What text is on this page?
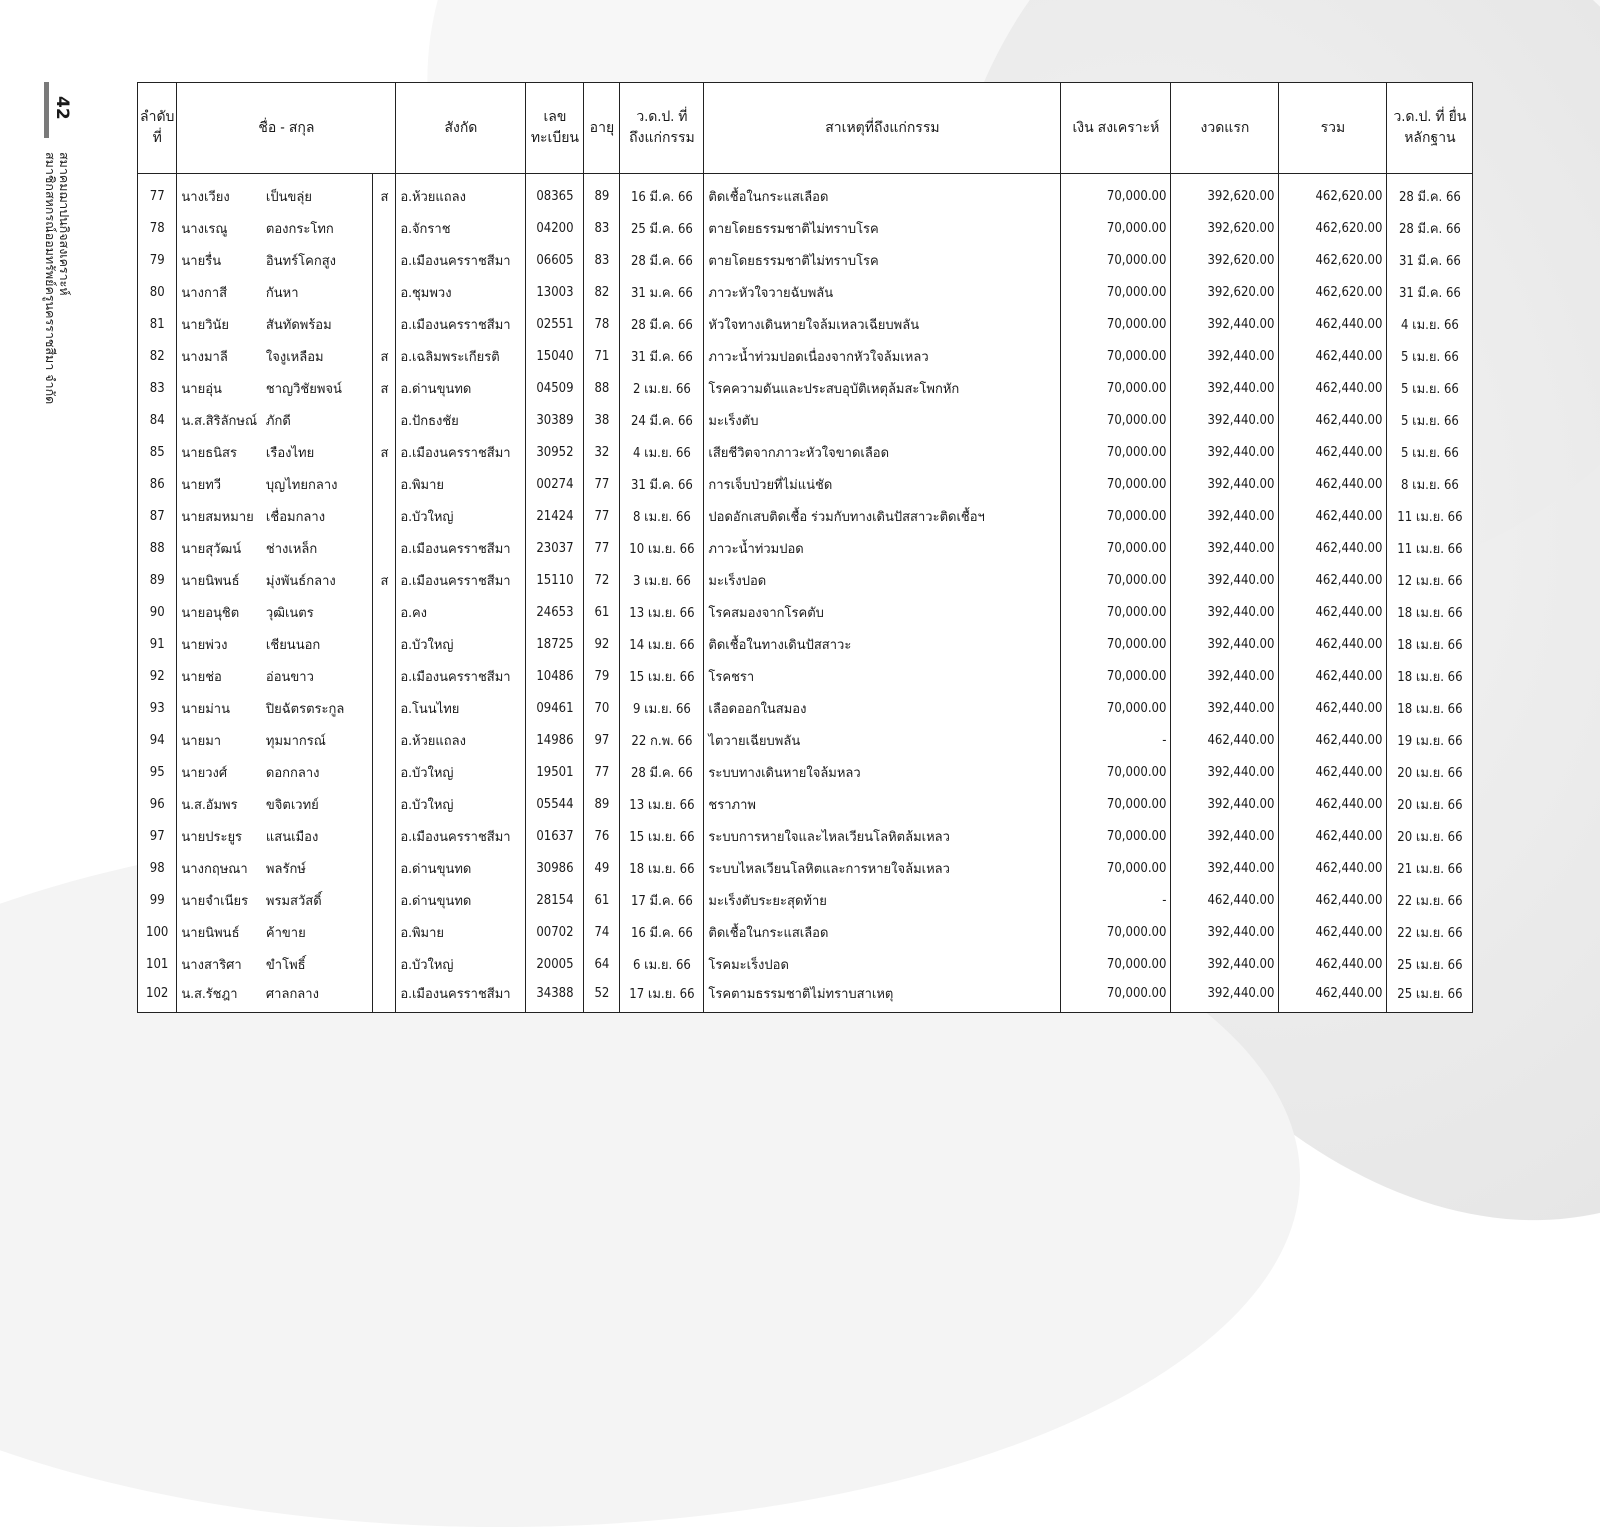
42
สมาคมฌาปนกิจสงเคราะห์
สมาชิกสหกรณ์ออมทรัพย์ครูนครราชสีมา จำกัด
ลำดับ ที่	ชื่อ - สกุล			สังกัด	เลข ทะเบียน	อายุ	ว.ด.ป. ที่ ถึงแก่กรรม	สาเหตุที่ถึงแก่กรรม	เงิน สงเคราะห์	งวดแรก	รวม	ว.ด.ป. ที่ ยื่นหลักฐาน

77	นางเวียง	เป็นขลุ่ย	ส	อ.ห้วยแถลง	08365	89	16 มี.ค. 66	ติดเชื้อในกระแสเลือด	70,000.00	392,620.00	462,620.00	28 มี.ค. 66
78	นางเรณู	ตองกระโทก		อ.จักราช	04200	83	25 มี.ค. 66	ตายโดยธรรมชาติไม่ทราบโรค	70,000.00	392,620.00	462,620.00	28 มี.ค. 66
79	นายรื่น	อินทร์โคกสูง		อ.เมืองนครราชสีมา	06605	83	28 มี.ค. 66	ตายโดยธรรมชาติไม่ทราบโรค	70,000.00	392,620.00	462,620.00	31 มี.ค. 66
80	นางกาสี	กันหา		อ.ชุมพวง	13003	82	31 ม.ค. 66	ภาวะหัวใจวายฉับพลัน	70,000.00	392,620.00	462,620.00	31 มี.ค. 66
81	นายวินัย	สันทัดพร้อม		อ.เมืองนครราชสีมา	02551	78	28 มี.ค. 66	หัวใจทางเดินหายใจล้มเหลวเฉียบพลัน	70,000.00	392,440.00	462,440.00	4 เม.ย. 66
82	นางมาลี	ใจงูเหลือม	ส	อ.เฉลิมพระเกียรติ	15040	71	31 มี.ค. 66	ภาวะน้ำท่วมปอดเนื่องจากหัวใจล้มเหลว	70,000.00	392,440.00	462,440.00	5 เม.ย. 66
83	นายอุ่น	ชาญวิชัยพจน์	ส	อ.ด่านขุนทด	04509	88	2 เม.ย. 66	โรคความดันและประสบอุบัติเหตุล้มสะโพกหัก	70,000.00	392,440.00	462,440.00	5 เม.ย. 66
84	น.ส.สิริลักษณ์	ภักดี		อ.ปักธงชัย	30389	38	24 มี.ค. 66	มะเร็งตับ	70,000.00	392,440.00	462,440.00	5 เม.ย. 66
85	นายธนิสร	เรืองไทย	ส	อ.เมืองนครราชสีมา	30952	32	4 เม.ย. 66	เสียชีวิตจากภาวะหัวใจขาดเลือด	70,000.00	392,440.00	462,440.00	5 เม.ย. 66
86	นายทวี	บุญไทยกลาง		อ.พิมาย	00274	77	31 มี.ค. 66	การเจ็บป่วยที่ไม่แน่ชัด	70,000.00	392,440.00	462,440.00	8 เม.ย. 66
87	นายสมหมาย	เชื่อมกลาง		อ.บัวใหญ่	21424	77	8 เม.ย. 66	ปอดอักเสบติดเชื้อ ร่วมกับทางเดินปัสสาวะติดเชื้อฯ	70,000.00	392,440.00	462,440.00	11 เม.ย. 66
88	นายสุวัฒน์	ช่างเหล็ก		อ.เมืองนครราชสีมา	23037	77	10 เม.ย. 66	ภาวะน้ำท่วมปอด	70,000.00	392,440.00	462,440.00	11 เม.ย. 66
89	นายนิพนธ์	มุ่งพันธ์กลาง	ส	อ.เมืองนครราชสีมา	15110	72	3 เม.ย. 66	มะเร็งปอด	70,000.00	392,440.00	462,440.00	12 เม.ย. 66
90	นายอนุชิต	วุฒิเนตร		อ.คง	24653	61	13 เม.ย. 66	โรคสมองจากโรคตับ	70,000.00	392,440.00	462,440.00	18 เม.ย. 66
91	นายพ่วง	เชียนนอก		อ.บัวใหญ่	18725	92	14 เม.ย. 66	ติดเชื้อในทางเดินปัสสาวะ	70,000.00	392,440.00	462,440.00	18 เม.ย. 66
92	นายช่อ	อ่อนขาว		อ.เมืองนครราชสีมา	10486	79	15 เม.ย. 66	โรคชรา	70,000.00	392,440.00	462,440.00	18 เม.ย. 66
93	นายม่าน	ปิยฉัตรตระกูล		อ.โนนไทย	09461	70	9 เม.ย. 66	เลือดออกในสมอง	70,000.00	392,440.00	462,440.00	18 เม.ย. 66
94	นายมา	ทุมมากรณ์		อ.ห้วยแถลง	14986	97	22 ก.พ. 66	ไตวายเฉียบพลัน	-	462,440.00	462,440.00	19 เม.ย. 66
95	นายวงศ์	ดอกกลาง		อ.บัวใหญ่	19501	77	28 มี.ค. 66	ระบบทางเดินหายใจล้มหลว	70,000.00	392,440.00	462,440.00	20 เม.ย. 66
96	น.ส.อัมพร	ขจิตเวทย์		อ.บัวใหญ่	05544	89	13 เม.ย. 66	ชราภาพ	70,000.00	392,440.00	462,440.00	20 เม.ย. 66
97	นายประยูร	แสนเมือง		อ.เมืองนครราชสีมา	01637	76	15 เม.ย. 66	ระบบการหายใจและไหลเวียนโลหิตล้มเหลว	70,000.00	392,440.00	462,440.00	20 เม.ย. 66
98	นางกฤษณา	พลรักษ์		อ.ด่านขุนทด	30986	49	18 เม.ย. 66	ระบบไหลเวียนโลหิตและการหายใจล้มเหลว	70,000.00	392,440.00	462,440.00	21 เม.ย. 66
99	นายจำเนียร	พรมสวัสดิ์		อ.ด่านขุนทด	28154	61	17 มี.ค. 66	มะเร็งตับระยะสุดท้าย	-	462,440.00	462,440.00	22 เม.ย. 66
100	นายนิพนธ์	ค้าขาย		อ.พิมาย	00702	74	16 มี.ค. 66	ติดเชื้อในกระแสเลือด	70,000.00	392,440.00	462,440.00	22 เม.ย. 66
101	นางสาริศา	ขำโพธิ์		อ.บัวใหญ่	20005	64	6 เม.ย. 66	โรคมะเร็งปอด	70,000.00	392,440.00	462,440.00	25 เม.ย. 66
102	น.ส.รัชฎา	ศาลกลาง		อ.เมืองนครราชสีมา	34388	52	17 เม.ย. 66	โรคตามธรรมชาติไม่ทราบสาเหตุ	70,000.00	392,440.00	462,440.00	25 เม.ย. 66
